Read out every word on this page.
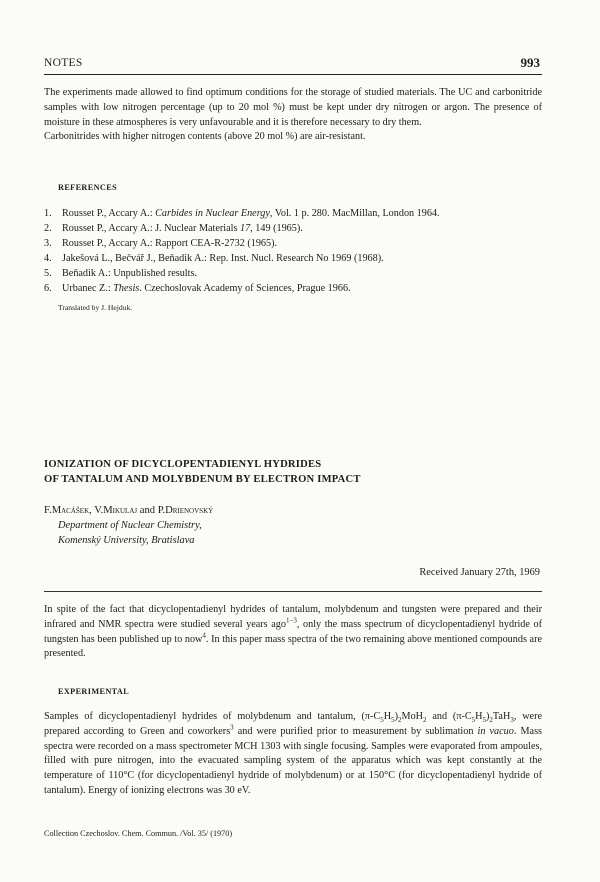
NOTES	993

The experiments made allowed to find optimum conditions for the storage of studied materials. The UC and carbonitride samples with low nitrogen percentage (up to 20 mol %) must be kept under dry nitrogen or argon. The presence of moisture in these atmospheres is very unfavourable and it is therefore necessary to dry them.

Carbonitrides with higher nitrogen contents (above 20 mol %) are air-resistant.

REFERENCES
1. Rousset P., Accary A.: Carbides in Nuclear Energy, Vol. 1 p. 280. MacMillan, London 1964.
2. Rousset P., Accary A.: J. Nuclear Materials 17, 149 (1965).
3. Rousset P., Accary A.: Rapport CEA-R-2732 (1965).
4. Jakešová L., Bečvář J., Beňadik A.: Rep. Inst. Nucl. Research No 1969 (1968).
5. Beňadik A.: Unpublished results.
6. Urbanec Z.: Thesis. Czechoslovak Academy of Sciences, Prague 1966.
Translated by J. Hejduk.
IONIZATION OF DICYCLOPENTADIENYL HYDRIDES
OF TANTALUM AND MOLYBDENUM BY ELECTRON IMPACT
F.Macášek, V.Mikulaj and P.Drienovský
Department of Nuclear Chemistry,
Komenský University, Bratislava
Received January 27th, 1969

In spite of the fact that dicyclopentadienyl hydrides of tantalum, molybdenum and tungsten were prepared and their infrared and NMR spectra were studied several years ago$^{1-3}$, only the mass spectrum of dicyclopentadienyl hydride of tungsten has been published up to now$^4$. In this paper mass spectra of the two remaining above mentioned compounds are presented.

EXPERIMENTAL

Samples of dicyclopentadienyl hydrides of molybdenum and tantalum, $(\pi-C_5H_5)_2MoH_2$ and $(\pi-C_5H_5)_2TaH_3$, were prepared according to Green and coworkers$^3$ and were purified prior to measurement by sublimation in vacuo. Mass spectra were recorded on a mass spectrometer MCH 1303 with single focusing. Samples were evaporated from ampoules, filled with pure nitrogen, into the evacuated sampling system of the apparatus which was kept constantly at the temperature of 110°C (for dicyclopentadienyl hydride of molybdenum) or at 150°C (for dicyclopentadienyl hydride of tantalum). Energy of ionizing electrons was 30 eV.

Collection Czechoslov. Chem. Commun. /Vol. 35/ (1970)
